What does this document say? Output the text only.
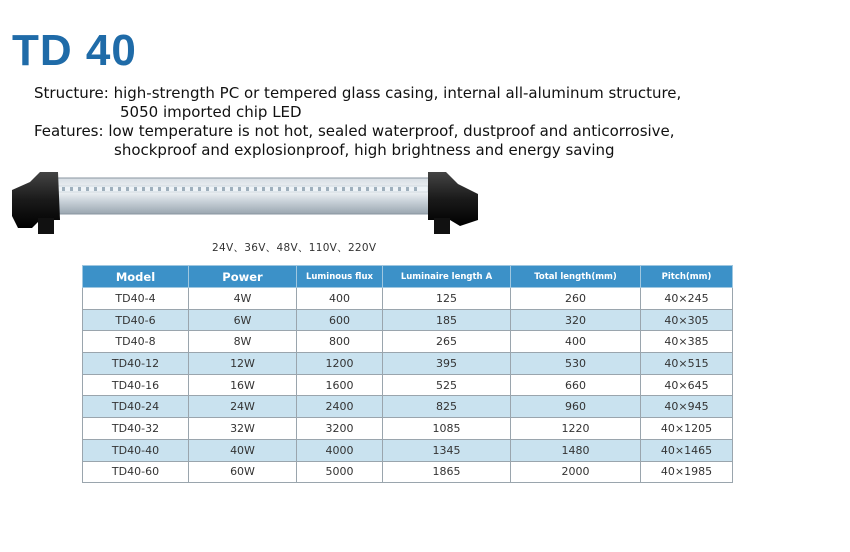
TD 40
Structure: high-strength PC or tempered glass casing, internal all-aluminum structure,
5050 imported chip LED
Features: low temperature is not hot, sealed waterproof, dustproof and anticorrosive,
shockproof and explosionproof, high brightness and energy saving
24V、36V、48V、110V、220V
Model	Power	Luminous flux	Luminaire length A	Total length(mm)	Pitch(mm)
TD40-4	4W	400	125	260	40×245
TD40-6	6W	600	185	320	40×305
TD40-8	8W	800	265	400	40×385
TD40-12	12W	1200	395	530	40×515
TD40-16	16W	1600	525	660	40×645
TD40-24	24W	2400	825	960	40×945
TD40-32	32W	3200	1085	1220	40×1205
TD40-40	40W	4000	1345	1480	40×1465
TD40-60	60W	5000	1865	2000	40×1985
